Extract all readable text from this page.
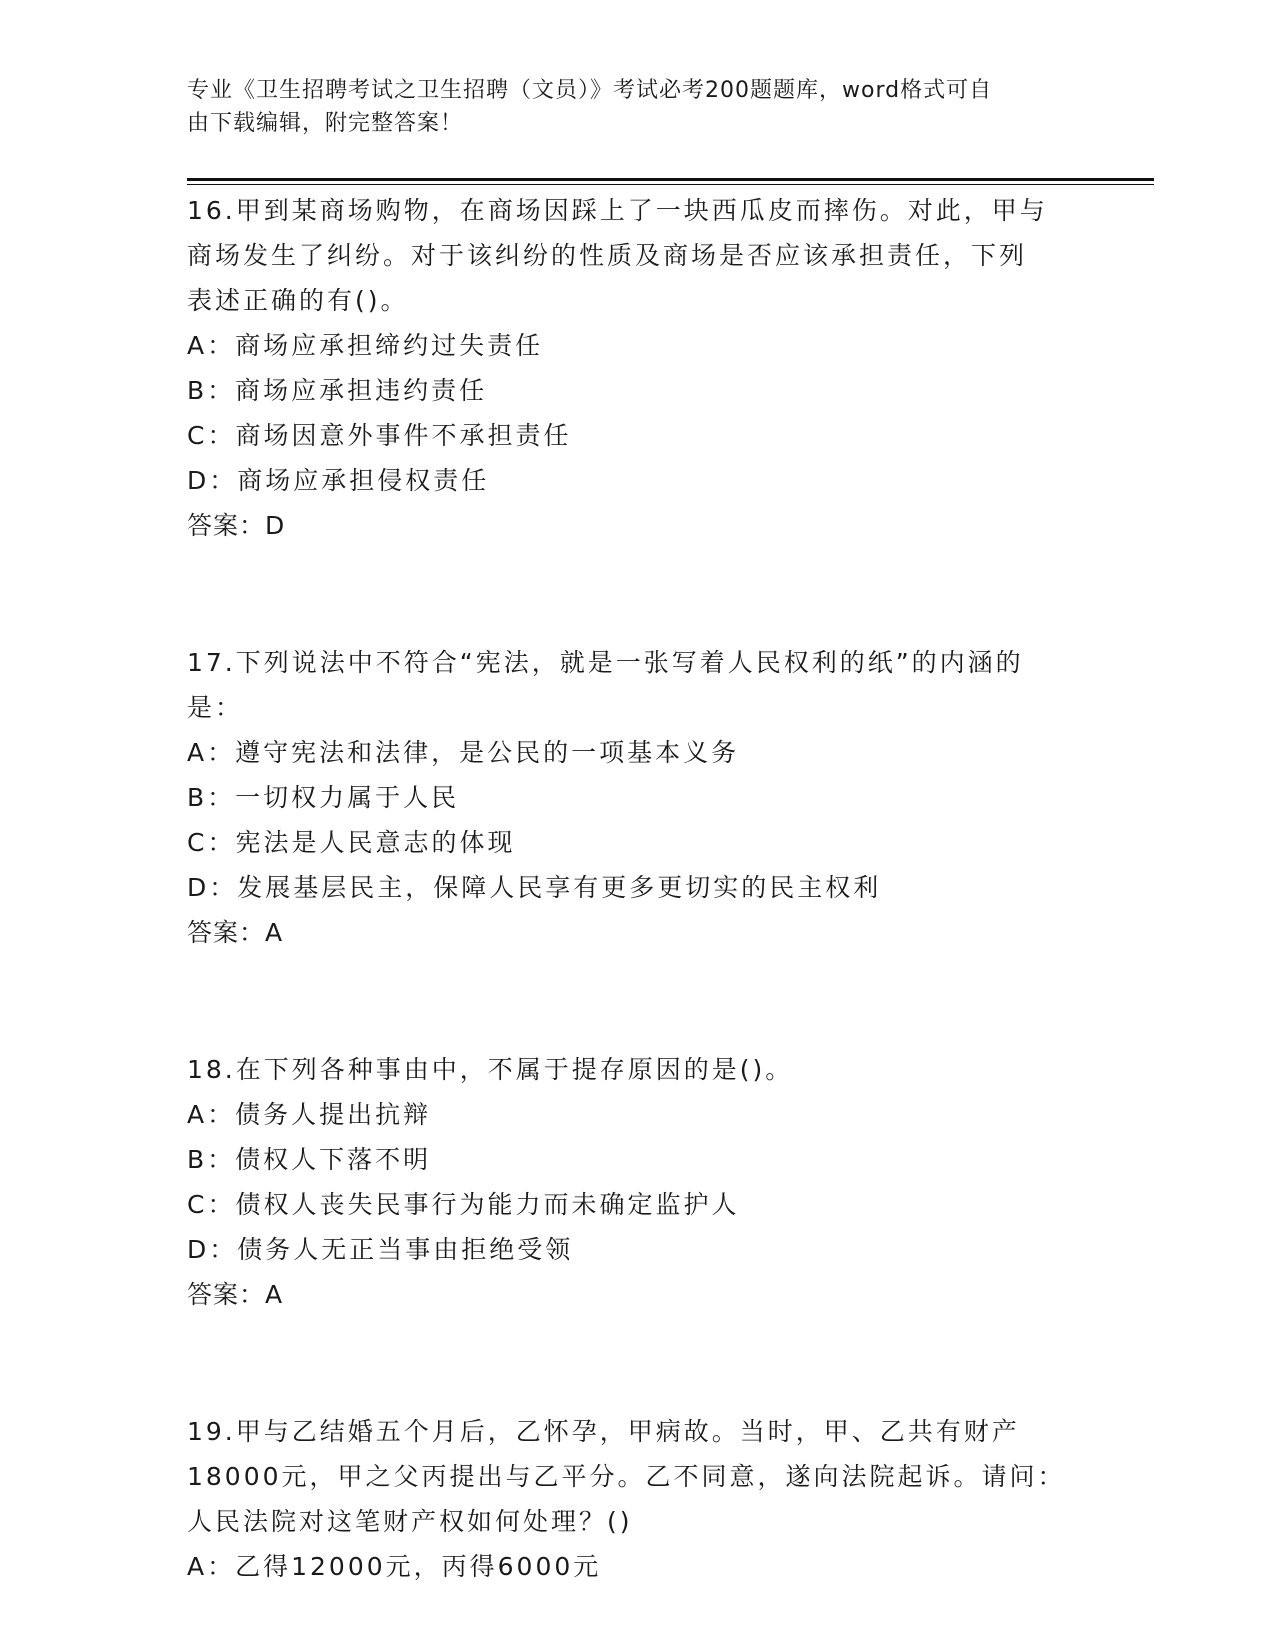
专业《卫生招聘考试之卫生招聘（文员）》考试必考200题题库，word格式可自
由下载编辑，附完整答案！
16.甲到某商场购物，在商场因踩上了一块西瓜皮而摔伤。对此，甲与
商场发生了纠纷。对于该纠纷的性质及商场是否应该承担责任，下列
表述正确的有()。
A：商场应承担缔约过失责任
B：商场应承担违约责任
C：商场因意外事件不承担责任
D：商场应承担侵权责任
答案：D
17.下列说法中不符合“宪法，就是一张写着人民权利的纸”的内涵的
是：
A：遵守宪法和法律，是公民的一项基本义务
B：一切权力属于人民
C：宪法是人民意志的体现
D：发展基层民主，保障人民享有更多更切实的民主权利
答案：A
18.在下列各种事由中，不属于提存原因的是()。
A：债务人提出抗辩
B：债权人下落不明
C：债权人丧失民事行为能力而未确定监护人
D：债务人无正当事由拒绝受领
答案：A
19.甲与乙结婚五个月后，乙怀孕，甲病故。当时，甲、乙共有财产
18000元，甲之父丙提出与乙平分。乙不同意，遂向法院起诉。请问：
人民法院对这笔财产权如何处理？()
A：乙得12000元，丙得6000元
